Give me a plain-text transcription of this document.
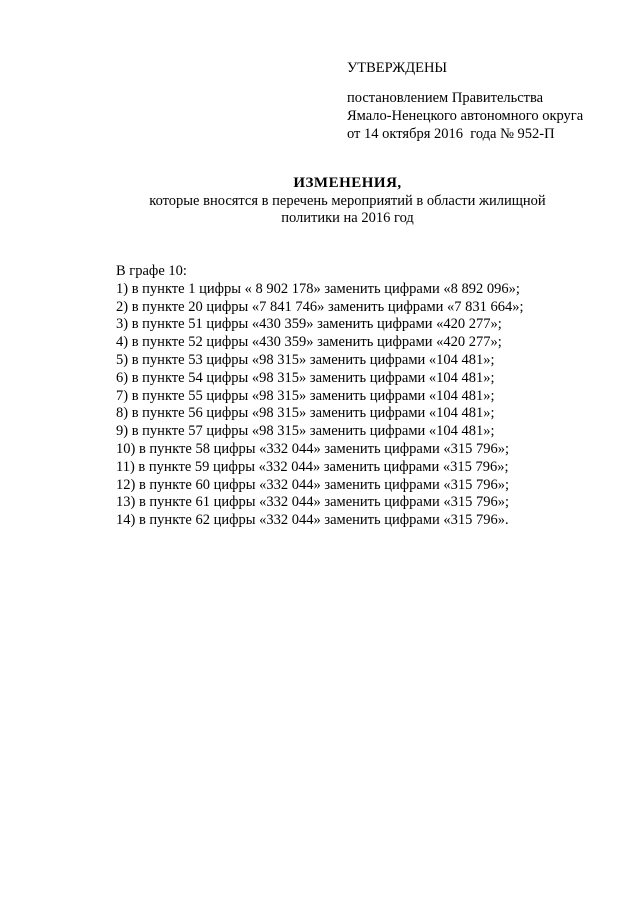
УТВЕРЖДЕНЫ
постановлением Правительства
Ямало-Ненецкого автономного округа
от 14 октября 2016  года № 952-П
ИЗМЕНЕНИЯ,
которые вносятся в перечень мероприятий в области жилищной
политики на 2016 год
В графе 10:
1) в пункте 1 цифры « 8 902 178» заменить цифрами «8 892 096»;
2) в пункте 20 цифры «7 841 746» заменить цифрами «7 831 664»;
3) в пункте 51 цифры «430 359» заменить цифрами «420 277»;
4) в пункте 52 цифры «430 359» заменить цифрами «420 277»;
5) в пункте 53 цифры «98 315» заменить цифрами «104 481»;
6) в пункте 54 цифры «98 315» заменить цифрами «104 481»;
7) в пункте 55 цифры «98 315» заменить цифрами «104 481»;
8) в пункте 56 цифры «98 315» заменить цифрами «104 481»;
9) в пункте 57 цифры «98 315» заменить цифрами «104 481»;
10) в пункте 58 цифры «332 044» заменить цифрами «315 796»;
11) в пункте 59 цифры «332 044» заменить цифрами «315 796»;
12) в пункте 60 цифры «332 044» заменить цифрами «315 796»;
13) в пункте 61 цифры «332 044» заменить цифрами «315 796»;
14) в пункте 62 цифры «332 044» заменить цифрами «315 796».
